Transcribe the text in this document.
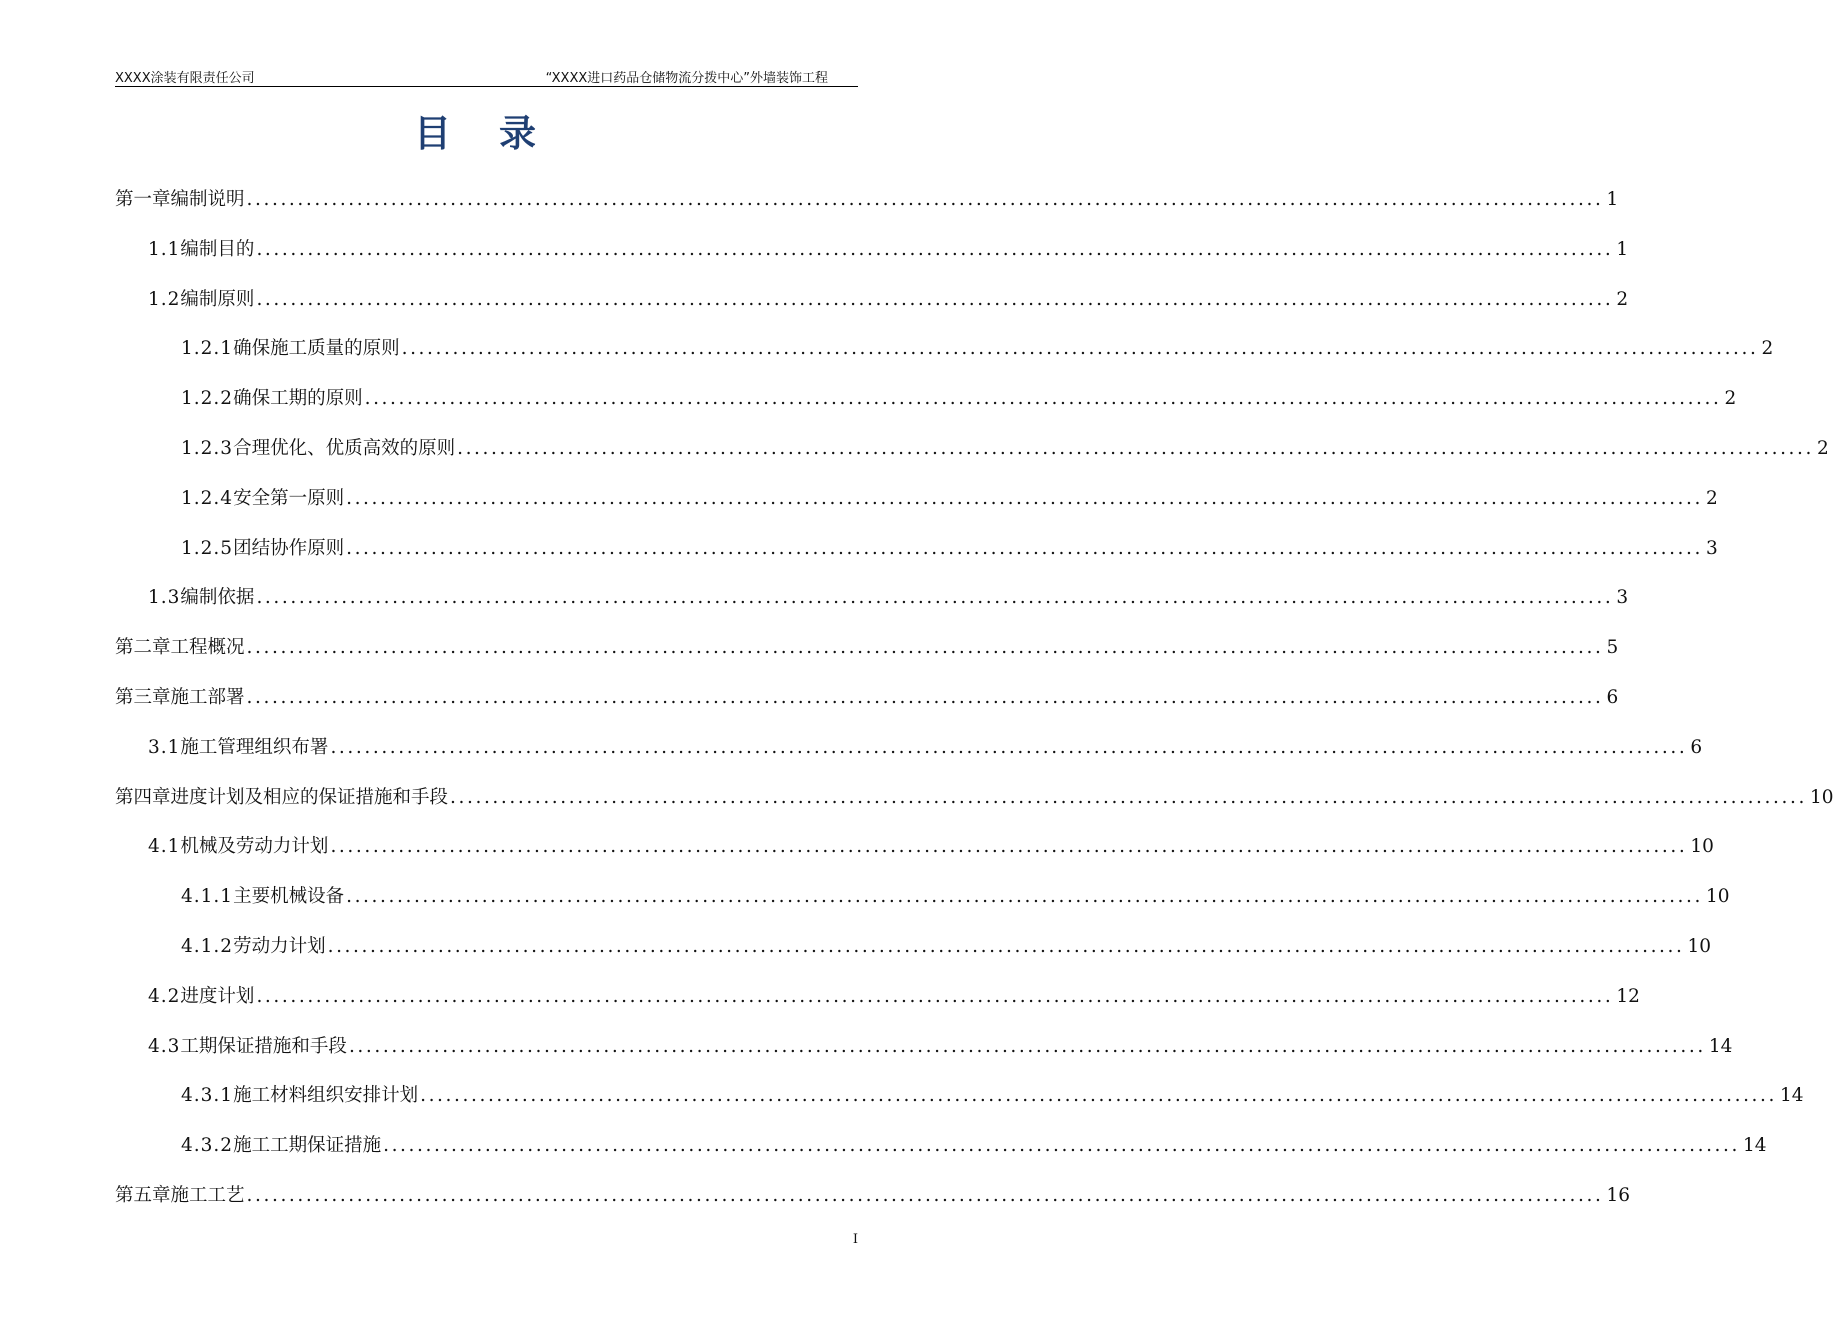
XXXX涂装有限责任公司	“XXXX进口药品仓储物流分拨中心”外墙装饰工程
目录
第一章 编制说明 ................................................................................................................................................................ 1
1.1 编制目的 ................................................................................................................................................................ 1
1.2 编制原则 ................................................................................................................................................................ 2
1.2.1 确保施工质量的原则 ................................................................................................................................................................ 2
1.2.2 确保工期的原则 ................................................................................................................................................................ 2
1.2.3 合理优化、优质高效的原则 ................................................................................................................................................................ 2
1.2.4 安全第一原则 ................................................................................................................................................................ 2
1.2.5 团结协作原则 ................................................................................................................................................................ 3
1.3 编制依据 ................................................................................................................................................................ 3
第二章 工程概况 ................................................................................................................................................................ 5
第三章 施工部署 ................................................................................................................................................................ 6
3.1 施工管理组织布署 ................................................................................................................................................................ 6
第四章 进度计划及相应的保证措施和手段 ................................................................................................................................................................ 10
4.1 机械及劳动力计划 ................................................................................................................................................................ 10
4.1.1 主要机械设备 ................................................................................................................................................................ 10
4.1.2 劳动力计划 ................................................................................................................................................................ 10
4.2 进度计划 ................................................................................................................................................................ 12
4.3 工期保证措施和手段 ................................................................................................................................................................ 14
4.3.1 施工材料组织安排计划 ................................................................................................................................................................ 14
4.3.2 施工工期保证措施 ................................................................................................................................................................ 14
第五章 施工工艺 ................................................................................................................................................................ 16
I
